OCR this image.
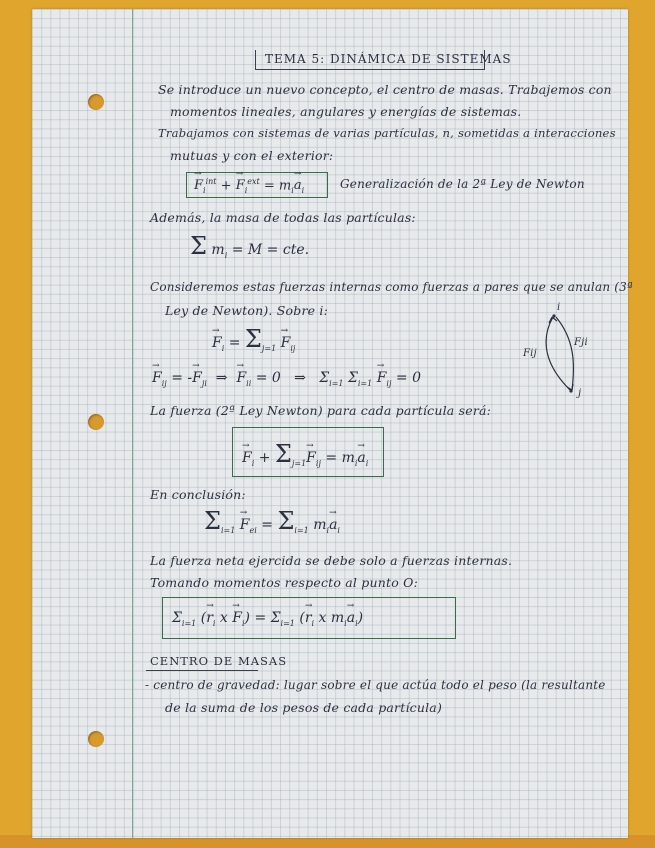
TEMA 5: DINÁMICA DE SISTEMAS
Se introduce un nuevo concepto, el centro de masas. Trabajemos con
momentos lineales, angulares y energías de sistemas.
Trabajamos con sistemas de varias partículas, n, sometidas a interacciones
mutuas y con el exterior:
→ $F_i^{int}$ + → $F_i^{ext} = m_i\to a_i$	Generalización de la 2ª Ley de Newton
Además, la masa de todas las partículas:
Σ $m_i = M$ = cte.
Consideremos estas fuerzas internas como fuerzas a pares que se anulan (3ª
Ley de Newton). Sobre i:
→ $F_i = \Sigma_{j=1} \to F_{ij}$
i
j
Fij
Fji
→ $F_{ij}$ = -→ $F_{ji}$  ⇒  → $F_{ii} = 0$   ⇒   $\Sigma_{i=1}$ $\Sigma_{i=1} \to F_{ij} = 0$
La fuerza (2ª Ley Newton) para cada partícula será:
→ $F_i + \Sigma_{j=1}\to F_{ij} = m_i\to a_i$
En conclusión:
$\Sigma_{i=1} \to F_{ei} = \Sigma_{i=1}$ $m_i\to a_i$
La fuerza neta ejercida se debe solo a fuerzas internas.
Tomando momentos respecto al punto O:
$\Sigma_{i=1}$ (→ $r_i$ $x \to F_i) = \Sigma_{i=1}$ (→ $r_i$ x $m_i\to a_i$)
CENTRO DE MASAS
- centro de gravedad: lugar sobre el que actúa todo el peso (la resultante
de la suma de los pesos de cada partícula)
